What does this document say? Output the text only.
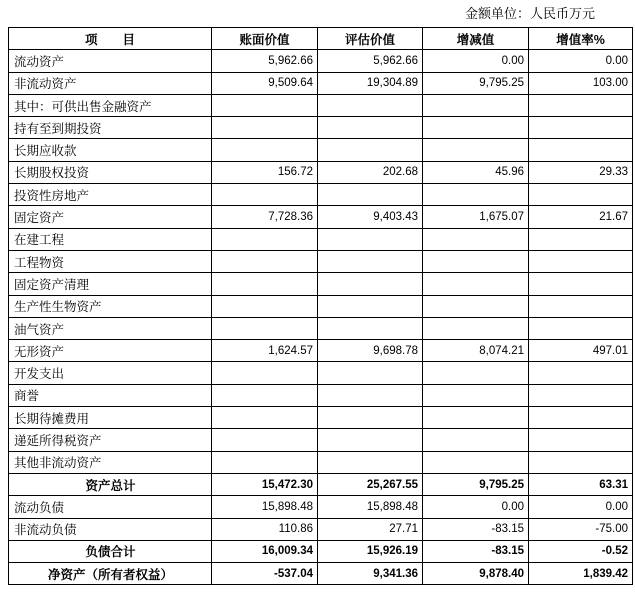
金额单位：人民币万元
项　　目	账面价值	评估价值	增减值	增值率%
流动资产	5,962.66	5,962.66	0.00	0.00
非流动资产	9,509.64	19,304.89	9,795.25	103.00
其中：可供出售金融资产				
持有至到期投资				
长期应收款				
长期股权投资	156.72	202.68	45.96	29.33
投资性房地产				
固定资产	7,728.36	9,403.43	1,675.07	21.67
在建工程				
工程物资				
固定资产清理				
生产性生物资产				
油气资产				
无形资产	1,624.57	9,698.78	8,074.21	497.01
开发支出				
商誉				
长期待摊费用				
递延所得税资产				
其他非流动资产				
资产总计	15,472.30	25,267.55	9,795.25	63.31
流动负债	15,898.48	15,898.48	0.00	0.00
非流动负债	110.86	27.71	-83.15	-75.00
负债合计	16,009.34	15,926.19	-83.15	-0.52
净资产（所有者权益）	-537.04	9,341.36	9,878.40	1,839.42
